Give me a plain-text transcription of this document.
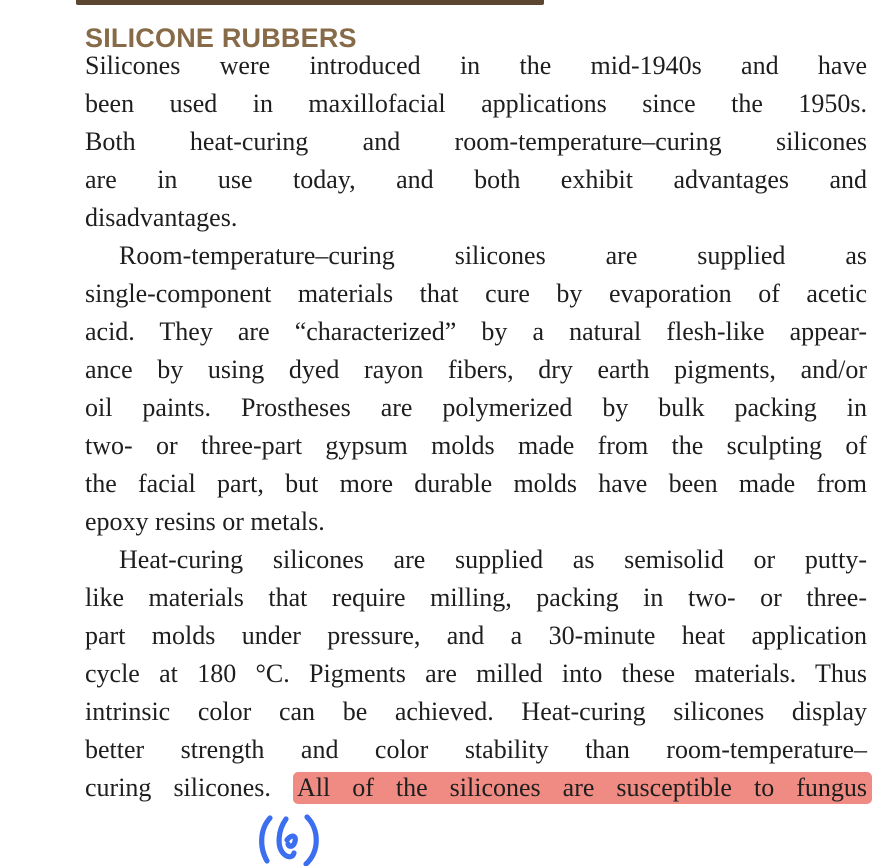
SILICONE RUBBERS
Silicones were introduced in the mid-1940s and have
been used in maxillofacial applications since the 1950s.
Both heat-curing and room-temperature–curing silicones
are in use today, and both exhibit advantages and
disadvantages.
Room-temperature–curing silicones are supplied as
single-component materials that cure by evaporation of acetic
acid. They are “characterized” by a natural flesh-like appear-
ance by using dyed rayon fibers, dry earth pigments, and/or
oil paints. Prostheses are polymerized by bulk packing in
two- or three-part gypsum molds made from the sculpting of
the facial part, but more durable molds have been made from
epoxy resins or metals.
Heat-curing silicones are supplied as semisolid or putty-
like materials that require milling, packing in two- or three-
part molds under pressure, and a 30-minute heat application
cycle at 180 °C. Pigments are milled into these materials. Thus
intrinsic color can be achieved. Heat-curing silicones display
better strength and color stability than room-temperature–
curing silicones. All of the silicones are susceptible to fungus
